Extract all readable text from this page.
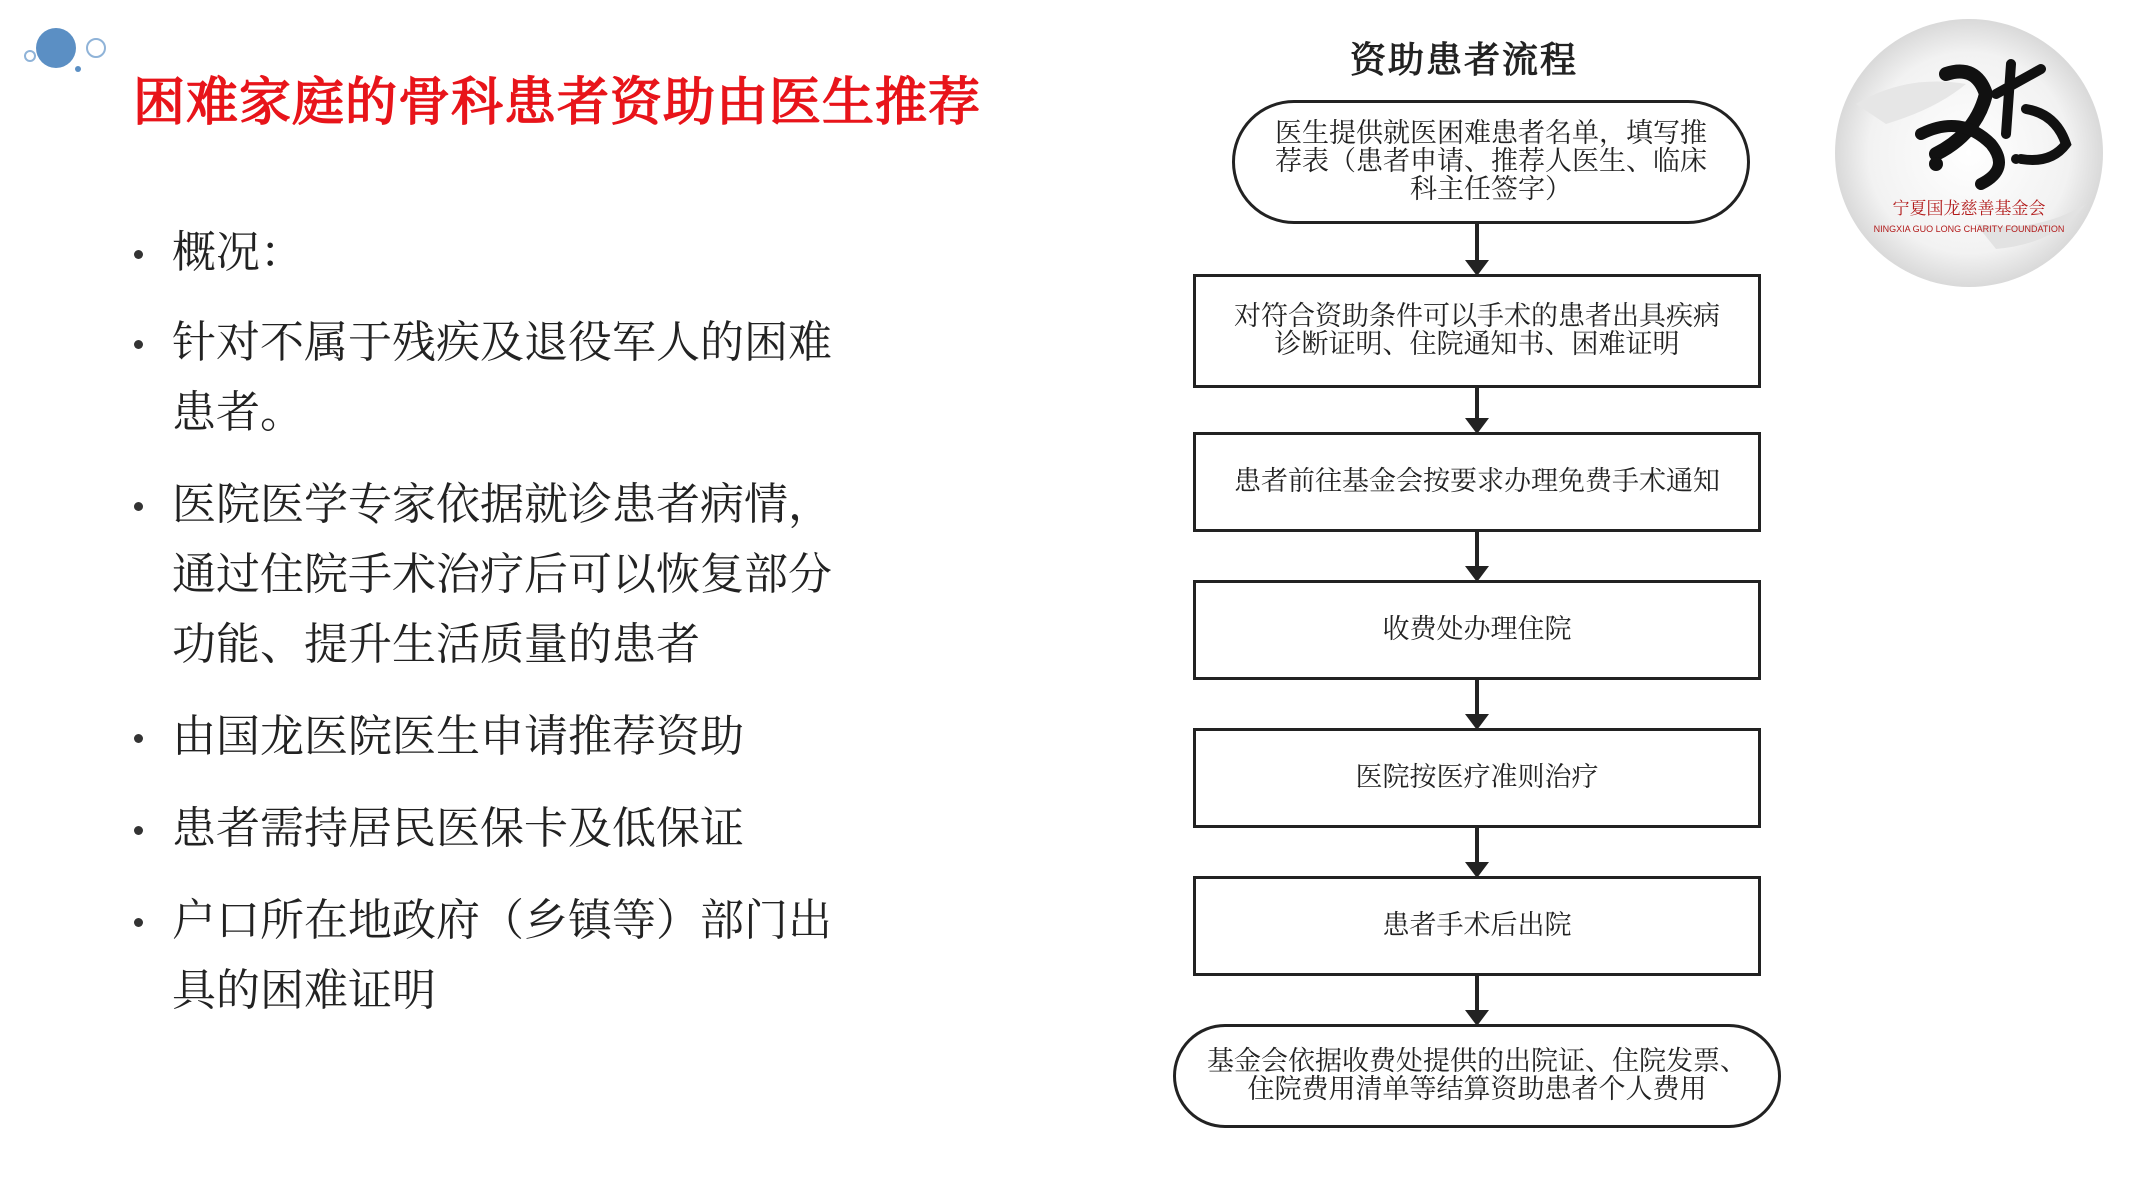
困难家庭的骨科患者资助由医生推荐
概况：
针对不属于残疾及退役军人的困难患者。
医院医学专家依据就诊患者病情，通过住院手术治疗后可以恢复部分功能、提升生活质量的患者
由国龙医院医生申请推荐资助
患者需持居民医保卡及低保证
户口所在地政府（乡镇等）部门出具的困难证明
资助患者流程
医生提供就医困难患者名单，填写推荐表（患者申请、推荐人医生、临床科主任签字）
对符合资助条件可以手术的患者出具疾病诊断证明、住院通知书、困难证明
患者前往基金会按要求办理免费手术通知
收费处办理住院
医院按医疗准则治疗
患者手术后出院
基金会依据收费处提供的出院证、住院发票、住院费用清单等结算资助患者个人费用
宁夏国龙慈善基金会
NINGXIA GUO LONG CHARITY FOUNDATION
